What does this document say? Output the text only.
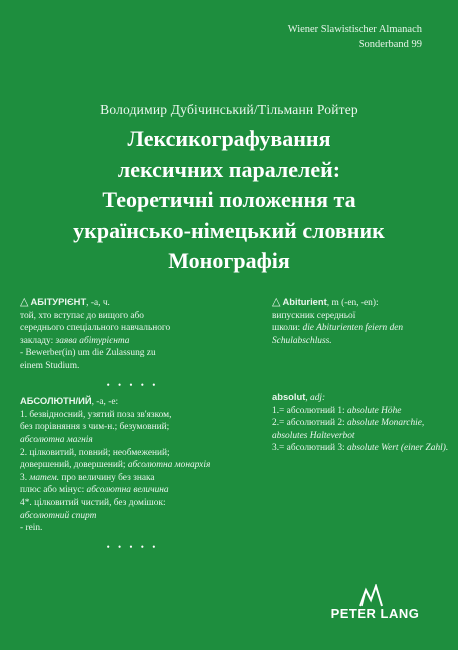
Wiener Slawistischer Almanach
Sonderband 99
Володимир Дубічинський/Тільманн Ройтер
Лексикографування
лексичних паралелей:
Теоретичні положення та
українсько-німецький словник
Монографія
△ АБІТУРІЄНТ, -а, ч.
той, хто вступає до вищого або
середнього спеціального навчального
закладу: заява абітурієнта
- Bewerber(in) um die Zulassung zu
einem Studium.
• • • • •
АБСОЛЮТН/ИЙ, -а, -е:
1. безвідносний, узятий поза зв'язком,
без порівняння з чим-н.; безумовний;
абсолютна магнія
2. цілковитий, повний; необмежений;
довершений, довершений; абсолютна монархія
3. матем. про величину без знака
плюс або мінус: абсолютна величина
4*. цілковитий чистий, без домішок:
абсолютний спирт
- rein.
• • • • •
△ Abiturient, m (-en, -en):
випускник середньої
школи: die Abiturienten feiern den Schulabschluss.
absolut, adj:
1.= абсолютний 1: absolute Höhe
2.= абсолютний 2: absolute Monarchie, absolutes Halteverbot
3.= абсолютний 3: absolute Wert (einer Zahl).
PETER LANG
